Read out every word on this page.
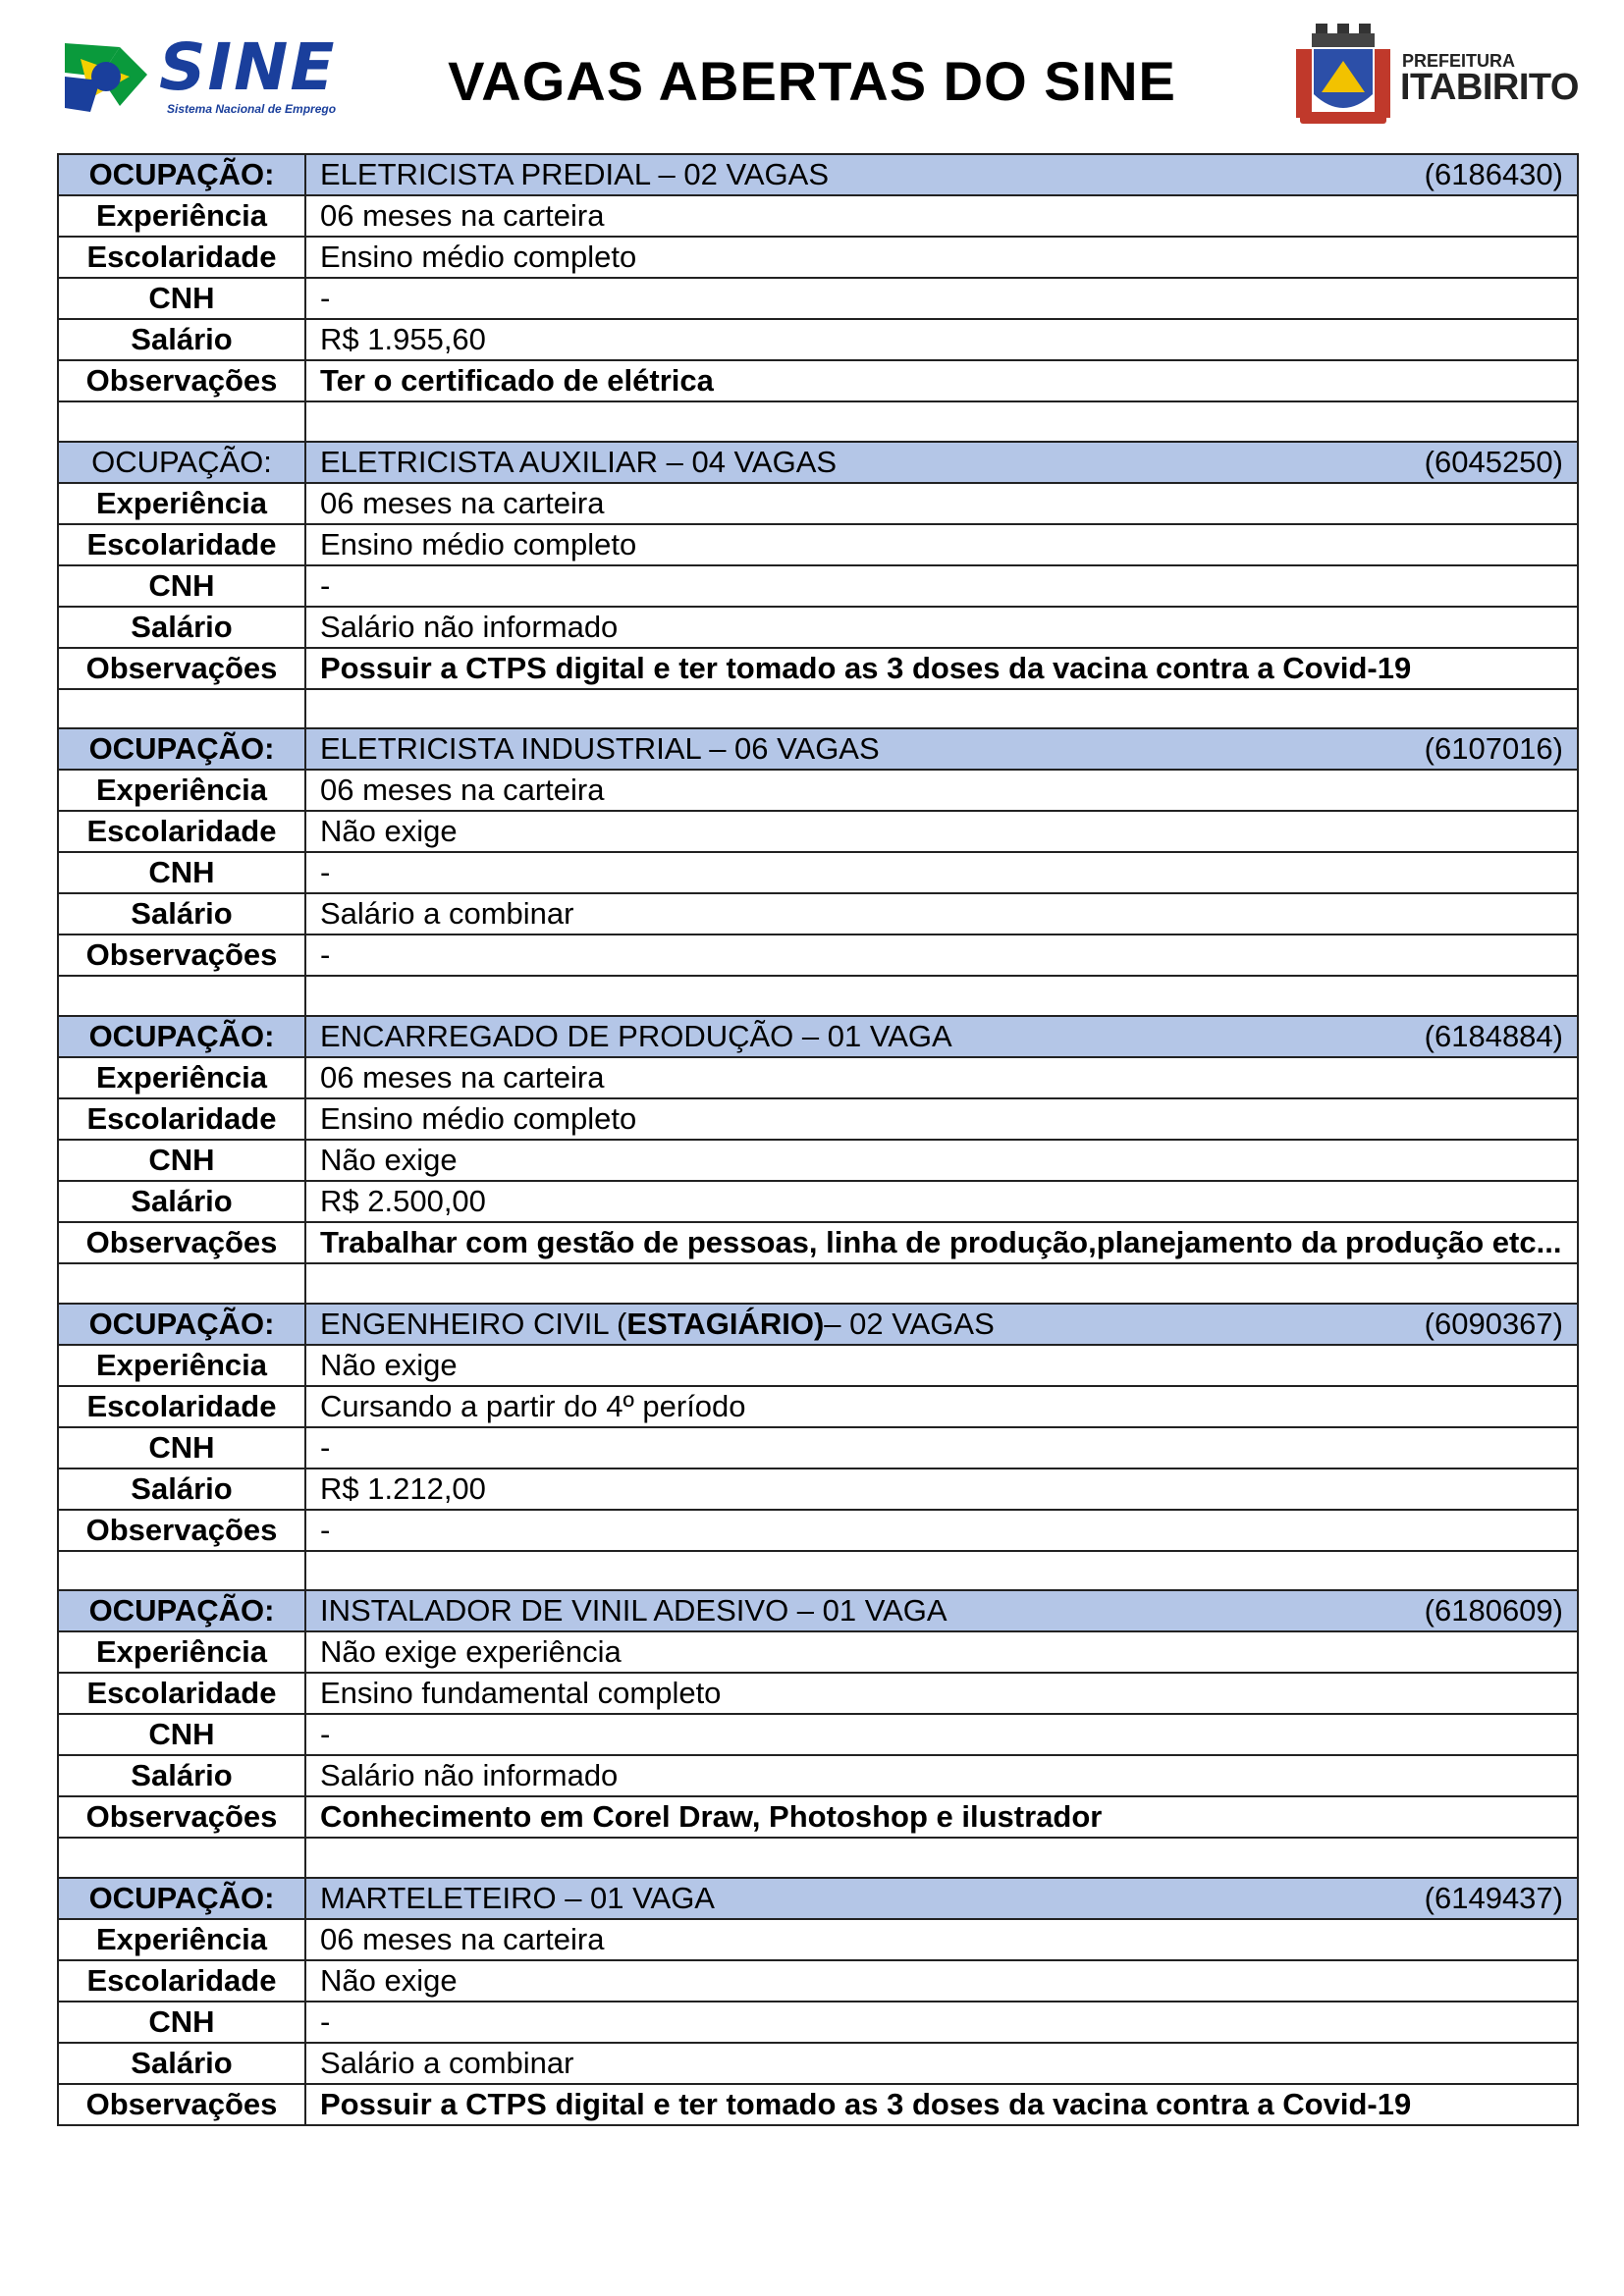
SINE
Sistema Nacional de Emprego	VAGAS ABERTAS DO SINE	PREFEITURA
ITABIRITO
OCUPAÇÃO:	ELETRICISTA PREDIAL – 02 VAGAS (6186430)

Experiência	06 meses na carteira
Escolaridade	Ensino médio completo
CNH	-
Salário	R$ 1.955,60
Observações	Ter o certificado de elétrica

OCUPAÇÃO:	ELETRICISTA AUXILIAR – 04 VAGAS (6045250)

Experiência	06 meses na carteira
Escolaridade	Ensino médio completo
CNH	-
Salário	Salário não informado
Observações	Possuir a CTPS digital e ter tomado as 3 doses da vacina contra a Covid-19

OCUPAÇÃO:	ELETRICISTA INDUSTRIAL – 06 VAGAS (6107016)

Experiência	06 meses na carteira
Escolaridade	Não exige
CNH	-
Salário	Salário a combinar
Observações	-

OCUPAÇÃO:	ENCARREGADO DE PRODUÇÃO – 01 VAGA (6184884)

Experiência	06 meses na carteira
Escolaridade	Ensino médio completo
CNH	Não exige
Salário	R$ 2.500,00
Observações	Trabalhar com gestão de pessoas, linha de produção,planejamento da produção etc...

OCUPAÇÃO:	ENGENHEIRO CIVIL (ESTAGIÁRIO)– 02 VAGAS (6090367)

Experiência	Não exige
Escolaridade	Cursando a partir do 4º período
CNH	-
Salário	R$ 1.212,00
Observações	-

OCUPAÇÃO:	INSTALADOR DE VINIL ADESIVO – 01 VAGA (6180609)

Experiência	Não exige experiência
Escolaridade	Ensino fundamental completo
CNH	-
Salário	Salário não informado
Observações	Conhecimento em Corel Draw, Photoshop e ilustrador

OCUPAÇÃO:	MARTELETEIRO – 01 VAGA (6149437)

Experiência	06 meses na carteira
Escolaridade	Não exige
CNH	-
Salário	Salário a combinar
Observações	Possuir a CTPS digital e ter tomado as 3 doses da vacina contra a Covid-19
